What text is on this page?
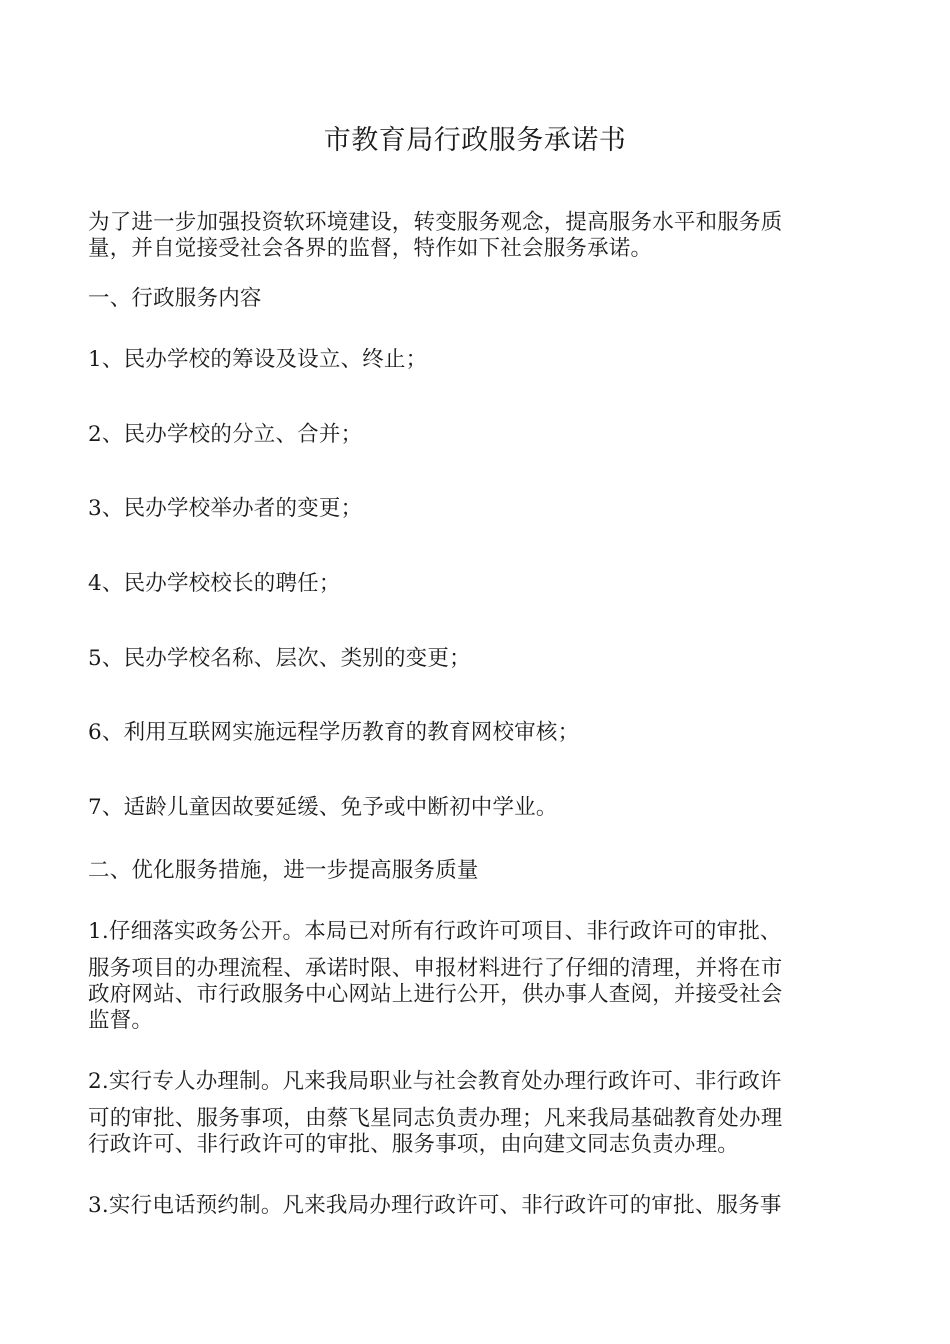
市教育局行政服务承诺书
为了进一步加强投资软环境建设，转变服务观念，提高服务水平和服务质
量，并自觉接受社会各界的监督，特作如下社会服务承诺。
一、行政服务内容
1、民办学校的筹设及设立、终止；
2、民办学校的分立、合并；
3、民办学校举办者的变更；
4、民办学校校长的聘任；
5、民办学校名称、层次、类别的变更；
6、利用互联网实施远程学历教育的教育网校审核；
7、适龄儿童因故要延缓、免予或中断初中学业。
二、优化服务措施，进一步提高服务质量
1.仔细落实政务公开。本局已对所有行政许可项目、非行政许可的审批、
服务项目的办理流程、承诺时限、申报材料进行了仔细的清理，并将在市
政府网站、市行政服务中心网站上进行公开，供办事人查阅，并接受社会
监督。
2.实行专人办理制。凡来我局职业与社会教育处办理行政许可、非行政许
可的审批、服务事项，由蔡飞星同志负责办理；凡来我局基础教育处办理
行政许可、非行政许可的审批、服务事项，由向建文同志负责办理。
3.实行电话预约制。凡来我局办理行政许可、非行政许可的审批、服务事
